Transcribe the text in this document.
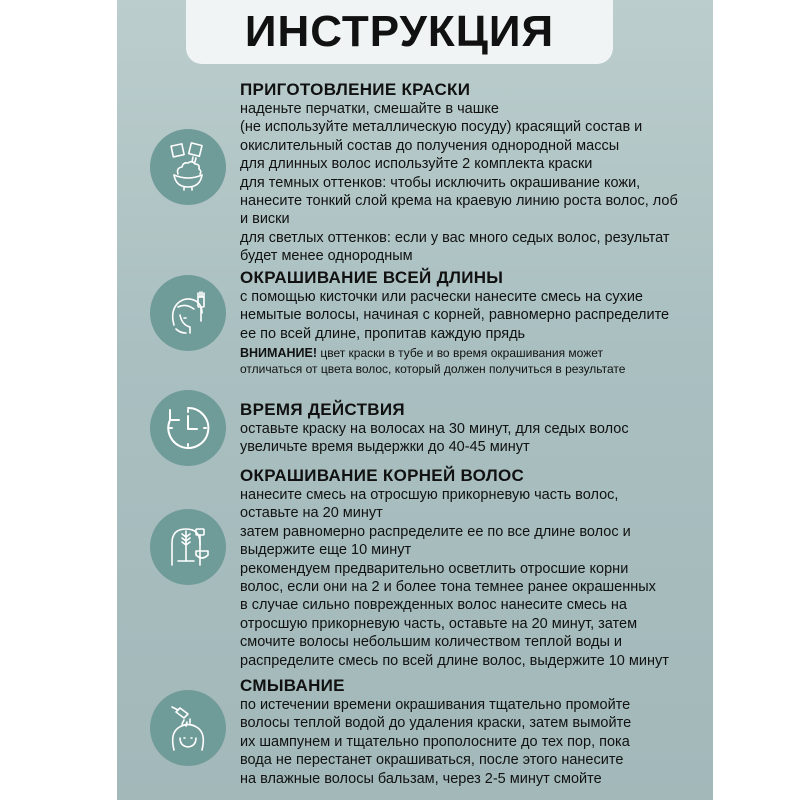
ИНСТРУКЦИЯ
ПРИГОТОВЛЕНИЕ КРАСКИ
наденьте перчатки, смешайте в чашке
(не используйте металлическую посуду) красящий состав и
окислительный состав до получения однородной массы
для длинных волос используйте 2 комплекта краски
для темных оттенков: чтобы исключить окрашивание кожи,
нанесите тонкий слой крема на краевую линию роста волос, лоб
и виски
для светлых оттенков: если у вас много седых волос, результат
будет менее однородным
ОКРАШИВАНИЕ ВСЕЙ ДЛИНЫ
с помощью кисточки или расчески нанесите смесь на сухие
немытые волосы, начиная с корней, равномерно распределите
ее по всей длине, пропитав каждую прядь
ВНИМАНИЕ! цвет краски в тубе и во время окрашивания может
отличаться от цвета волос, который должен получиться в результате
ВРЕМЯ ДЕЙСТВИЯ
оставьте краску на волосах на 30 минут, для седых волос
увеличьте время выдержки до 40-45 минут
ОКРАШИВАНИЕ КОРНЕЙ ВОЛОС
нанесите смесь на отросшую прикорневую часть волос,
оставьте на 20 минут
затем равномерно распределите ее по все длине волос и
выдержите еще 10 минут
рекомендуем предварительно осветлить отросшие корни
волос, если они на 2 и более тона темнее ранее окрашенных
в случае сильно поврежденных волос нанесите смесь на
отросшую прикорневую часть, оставьте на 20 минут, затем
смочите волосы небольшим количеством теплой воды и
распределите смесь по всей длине волос, выдержите 10 минут
СМЫВАНИЕ
по истечении времени окрашивания тщательно промойте
волосы теплой водой до удаления краски, затем вымойте
их шампунем и тщательно прополосните до тех пор, пока
вода не перестанет окрашиваться, после этого нанесите
на влажные волосы бальзам, через 2-5 минут смойте
